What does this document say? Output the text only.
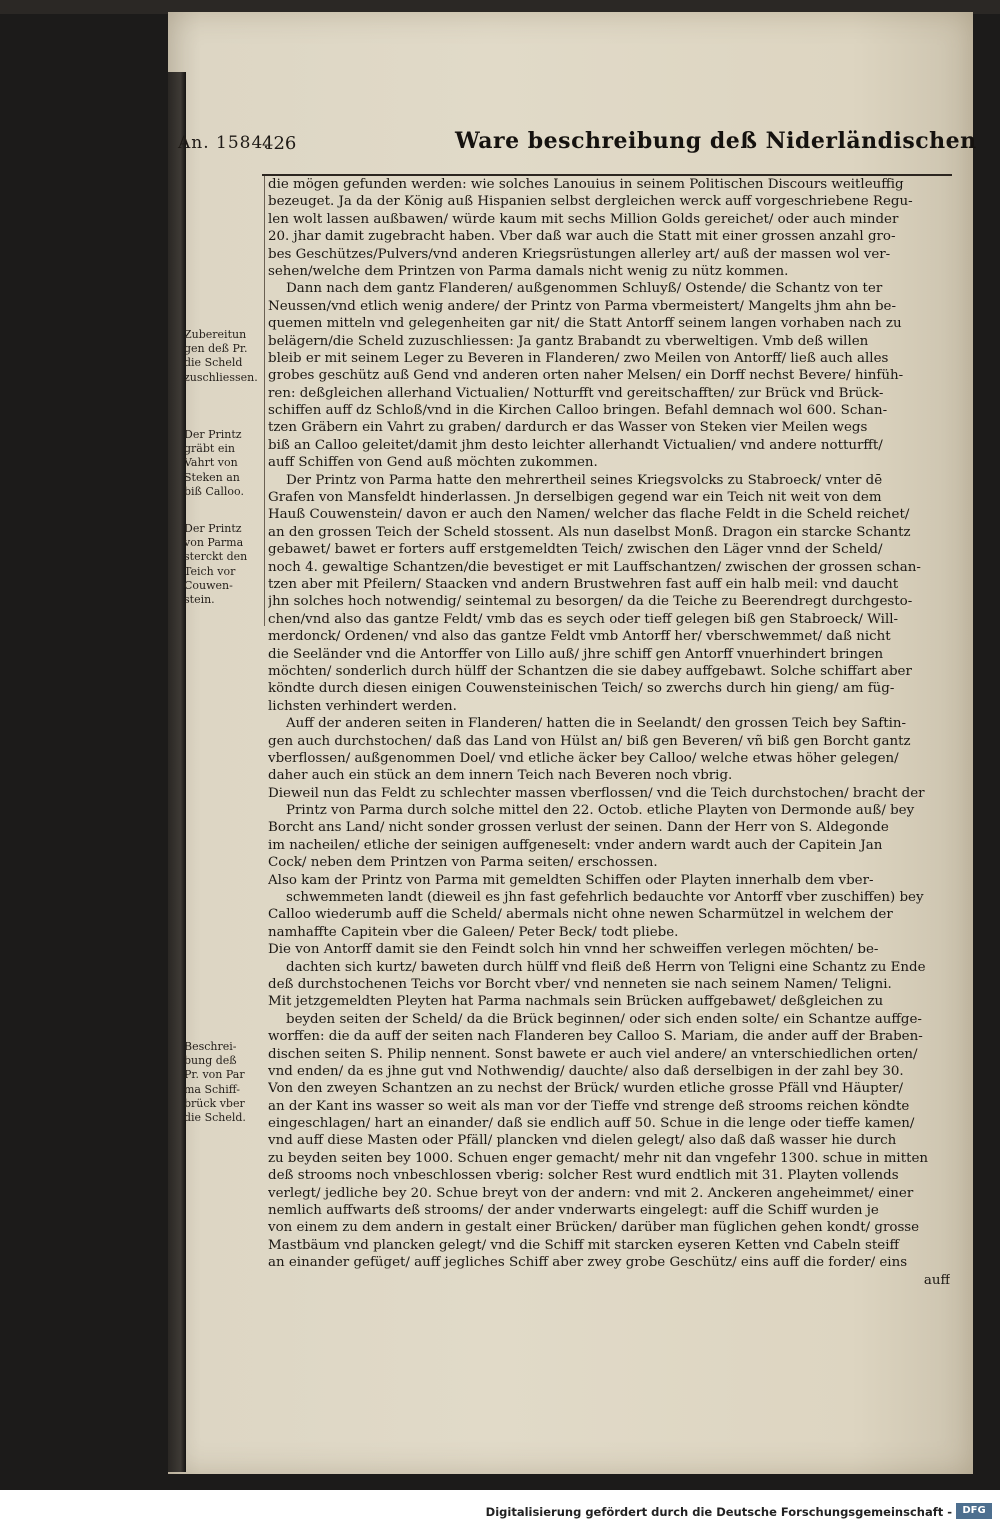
An. 1584.
426	Ware beschreibung deß Niderländischen
Zubereitun
gen deß Pr.
die Scheld
zuschliessen.
Der Printz
gräbt ein
Vahrt von
Steken an
biß Calloo.
Der Printz
von Parma
sterckt den
Teich vor
Couwen-
stein.
Beschrei-
bung deß
Pr. von Par
ma Schiff-
brück vber
die Scheld.
die mögen gefunden werden: wie solches Lanouius in seinem Politischen Discours weitleuffig
bezeuget. Ja da der König auß Hispanien selbst dergleichen werck auff vorgeschriebene Regu-
len wolt lassen außbawen/ würde kaum mit sechs Million Golds gereichet/ oder auch minder
20. jhar damit zugebracht haben. Vber daß war auch die Statt mit einer grossen anzahl gro-
bes Geschützes/Pulvers/vnd anderen Kriegsrüstungen allerley art/ auß der massen wol ver-
sehen/welche dem Printzen von Parma damals nicht wenig zu nütz kommen.
Dann nach dem gantz Flanderen/ außgenommen Schluyß/ Ostende/ die Schantz von ter
Neussen/vnd etlich wenig andere/ der Printz von Parma vbermeistert/ Mangelts jhm ahn be-
quemen mitteln vnd gelegenheiten gar nit/ die Statt Antorff seinem langen vorhaben nach zu
belägern/die Scheld zuzuschliessen: Ja gantz Brabandt zu vberweltigen. Vmb deß willen
bleib er mit seinem Leger zu Beveren in Flanderen/ zwo Meilen von Antorff/ ließ auch alles
grobes geschütz auß Gend vnd anderen orten naher Melsen/ ein Dorff nechst Bevere/ hinfüh-
ren: deßgleichen allerhand Victualien/ Notturfft vnd gereitschafften/ zur Brück vnd Brück-
schiffen auff dz Schloß/vnd in die Kirchen Calloo bringen. Befahl demnach wol 600. Schan-
tzen Gräbern ein Vahrt zu graben/ dardurch er das Wasser von Steken vier Meilen wegs
biß an Calloo geleitet/damit jhm desto leichter allerhandt Victualien/ vnd andere notturfft/
auff Schiffen von Gend auß möchten zukommen.
Der Printz von Parma hatte den mehrertheil seines Kriegsvolcks zu Stabroeck/ vnter dē
Grafen von Mansfeldt hinderlassen. Jn derselbigen gegend war ein Teich nit weit von dem
Hauß Couwenstein/ davon er auch den Namen/ welcher das flache Feldt in die Scheld reichet/
an den grossen Teich der Scheld stossent. Als nun daselbst Monß. Dragon ein starcke Schantz
gebawet/ bawet er forters auff erstgemeldten Teich/ zwischen den Läger vnnd der Scheld/
noch 4. gewaltige Schantzen/die bevestiget er mit Lauffschantzen/ zwischen der grossen schan-
tzen aber mit Pfeilern/ Staacken vnd andern Brustwehren fast auff ein halb meil: vnd daucht
jhn solches hoch notwendig/ seintemal zu besorgen/ da die Teiche zu Beerendregt durchgesto-
chen/vnd also das gantze Feldt/ vmb das es seych oder tieff gelegen biß gen Stabroeck/ Will-
merdonck/ Ordenen/ vnd also das gantze Feldt vmb Antorff her/ vberschwemmet/ daß nicht
die Seeländer vnd die Antorffer von Lillo auß/ jhre schiff gen Antorff vnuerhindert bringen
möchten/ sonderlich durch hülff der Schantzen die sie dabey auffgebawt. Solche schiffart aber
köndte durch diesen einigen Couwensteinischen Teich/ so zwerchs durch hin gieng/ am füg-
lichsten verhindert werden.
Auff der anderen seiten in Flanderen/ hatten die in Seelandt/ den grossen Teich bey Saftin-
gen auch durchstochen/ daß das Land von Hülst an/ biß gen Beveren/ vñ biß gen Borcht gantz
vberflossen/ außgenommen Doel/ vnd etliche äcker bey Calloo/ welche etwas höher gelegen/
daher auch ein stück an dem innern Teich nach Beveren noch vbrig.
Dieweil nun das Feldt zu schlechter massen vberflossen/ vnd die Teich durchstochen/ bracht der
Printz von Parma durch solche mittel den 22. Octob. etliche Playten von Dermonde auß/ bey
Borcht ans Land/ nicht sonder grossen verlust der seinen. Dann der Herr von S. Aldegonde
im nacheilen/ etliche der seinigen auffgeneselt: vnder andern wardt auch der Capitein Jan
Cock/ neben dem Printzen von Parma seiten/ erschossen.
Also kam der Printz von Parma mit gemeldten Schiffen oder Playten innerhalb dem vber-
schwemmeten landt (dieweil es jhn fast gefehrlich bedauchte vor Antorff vber zuschiffen) bey
Calloo wiederumb auff die Scheld/ abermals nicht ohne newen Scharmützel in welchem der
namhaffte Capitein vber die Galeen/ Peter Beck/ todt pliebe.
Die von Antorff damit sie den Feindt solch hin vnnd her schweiffen verlegen möchten/ be-
dachten sich kurtz/ baweten durch hülff vnd fleiß deß Herrn von Teligni eine Schantz zu Ende
deß durchstochenen Teichs vor Borcht vber/ vnd nenneten sie nach seinem Namen/ Teligni.
Mit jetzgemeldten Pleyten hat Parma nachmals sein Brücken auffgebawet/ deßgleichen zu
beyden seiten der Scheld/ da die Brück beginnen/ oder sich enden solte/ ein Schantze auffge-
worffen: die da auff der seiten nach Flanderen bey Calloo S. Mariam, die ander auff der Braben-
dischen seiten S. Philip nennent. Sonst bawete er auch viel andere/ an vnterschiedlichen orten/
vnd enden/ da es jhne gut vnd Nothwendig/ dauchte/ also daß derselbigen in der zahl bey 30.
Von den zweyen Schantzen an zu nechst der Brück/ wurden etliche grosse Pfäll vnd Häupter/
an der Kant ins wasser so weit als man vor der Tieffe vnd strenge deß strooms reichen köndte
eingeschlagen/ hart an einander/ daß sie endlich auff 50. Schue in die lenge oder tieffe kamen/
vnd auff diese Masten oder Pfäll/ plancken vnd dielen gelegt/ also daß daß wasser hie durch
zu beyden seiten bey 1000. Schuen enger gemacht/ mehr nit dan vngefehr 1300. schue in mitten
deß strooms noch vnbeschlossen vberig: solcher Rest wurd endtlich mit 31. Playten vollends
verlegt/ jedliche bey 20. Schue breyt von der andern: vnd mit 2. Anckeren angeheimmet/ einer
nemlich auffwarts deß strooms/ der ander vnderwarts eingelegt: auff die Schiff wurden je
von einem zu dem andern in gestalt einer Brücken/ darüber man füglichen gehen kondt/ grosse
Mastbäum vnd plancken gelegt/ vnd die Schiff mit starcken eyseren Ketten vnd Cabeln steiff
an einander gefüget/ auff jegliches Schiff aber zwey grobe Geschütz/ eins auff die forder/ eins
auff
Digitalisierung gefördert durch die Deutsche Forschungsgemeinschaft -	DFG
